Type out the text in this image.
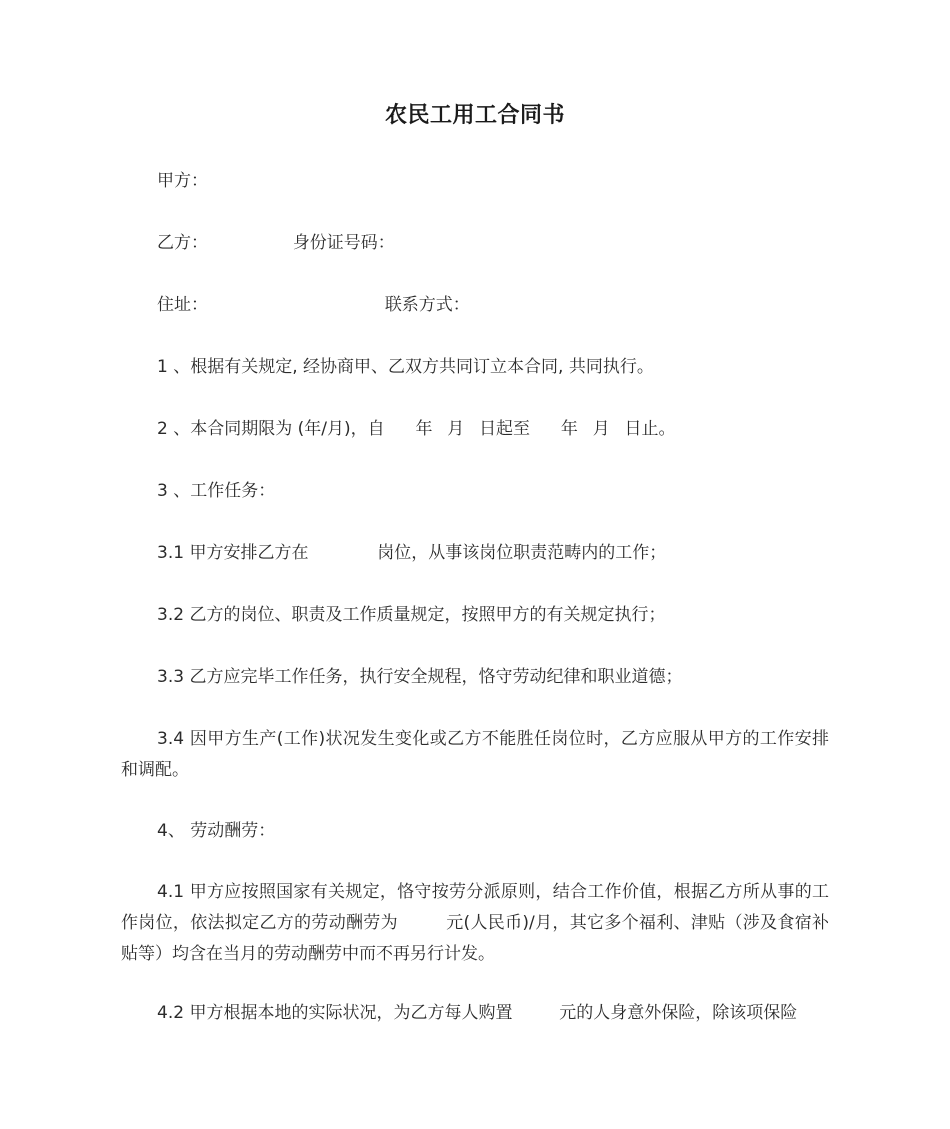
农民工用工合同书
甲方：
乙方：	身份证号码：
住址：	联系方式：
1 、根据有关规定, 经协商甲、乙双方共同订立本合同, 共同执行。
2 、本合同期限为 (年/月)，自 年 月 日起至 年 月 日止。
3 、工作任务：
3.1 甲方安排乙方在	岗位，从事该岗位职责范畴内的工作；
3.2 乙方的岗位、职责及工作质量规定，按照甲方的有关规定执行；
3.3 乙方应完毕工作任务，执行安全规程，恪守劳动纪律和职业道德；
3.4 因甲方生产(工作)状况发生变化或乙方不能胜任岗位时，乙方应服从甲方的工作安排和调配。
4、 劳动酬劳：
4.1 甲方应按照国家有关规定，恪守按劳分派原则，结合工作价值，根据乙方所从事的工作岗位，依法拟定乙方的劳动酬劳为	元(人民币)/月，其它多个福利、津贴（涉及食宿补贴等）均含在当月的劳动酬劳中而不再另行计发。
4.2 甲方根据本地的实际状况，为乙方每人购置	元的人身意外保险，除该项保险
